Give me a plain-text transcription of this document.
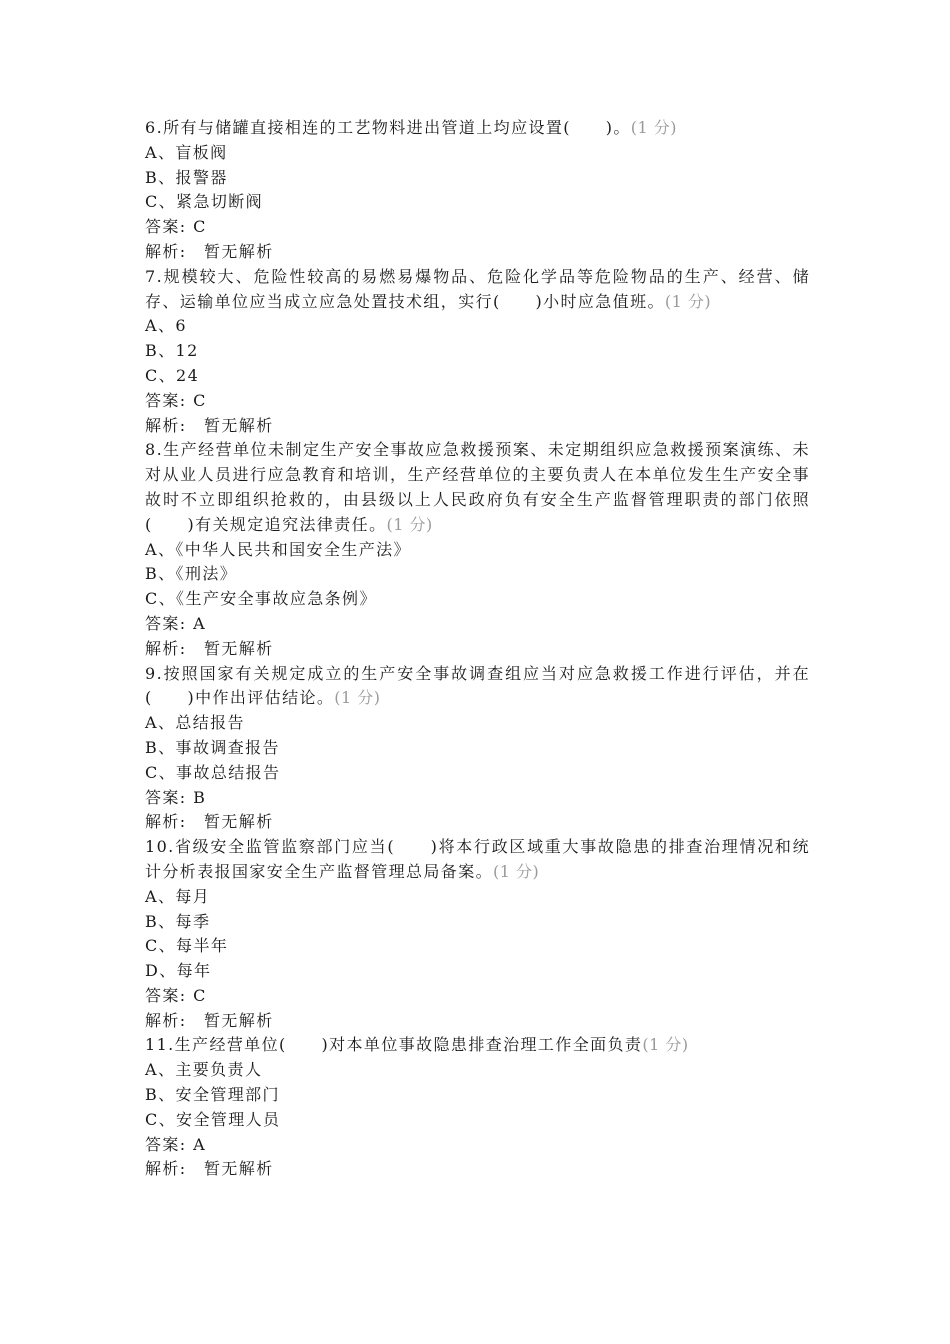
6.所有与储罐直接相连的工艺物料进出管道上均应设置(　　)。(1 分)
A、盲板阀
B、报警器
C、紧急切断阀
答案: C
解析:　暂无解析
7.规模较大、危险性较高的易燃易爆物品、危险化学品等危险物品的生产、经营、储存、运输单位应当成立应急处置技术组，实行(　　)小时应急值班。(1 分)
A、6
B、12
C、24
答案: C
解析:　暂无解析
8.生产经营单位未制定生产安全事故应急救援预案、未定期组织应急救援预案演练、未对从业人员进行应急教育和培训，生产经营单位的主要负责人在本单位发生生产安全事故时不立即组织抢救的，由县级以上人民政府负有安全生产监督管理职责的部门依照(　　)有关规定追究法律责任。(1 分)
A、《中华人民共和国安全生产法》
B、《刑法》
C、《生产安全事故应急条例》
答案: A
解析:　暂无解析
9.按照国家有关规定成立的生产安全事故调查组应当对应急救援工作进行评估，并在(　　)中作出评估结论。(1 分)
A、总结报告
B、事故调查报告
C、事故总结报告
答案: B
解析:　暂无解析
10.省级安全监管监察部门应当(　　)将本行政区域重大事故隐患的排查治理情况和统计分析表报国家安全生产监督管理总局备案。(1 分)
A、每月
B、每季
C、每半年
D、每年
答案: C
解析:　暂无解析
11.生产经营单位(　　)对本单位事故隐患排查治理工作全面负责(1 分)
A、主要负责人
B、安全管理部门
C、安全管理人员
答案: A
解析:　暂无解析
